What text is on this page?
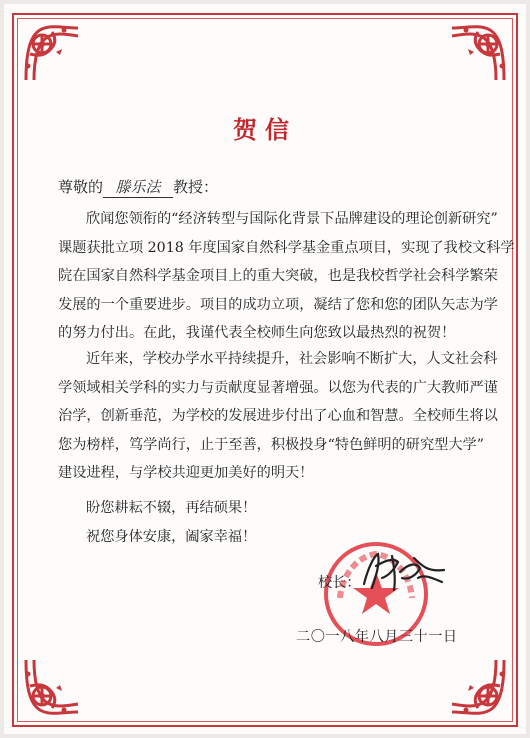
贺信
尊敬的 滕乐法 教授：
欣闻您领衔的“经济转型与国际化背景下品牌建设的理论创新研究”
课题获批立项 2018 年度国家自然科学基金重点项目，实现了我校文科学
院在国家自然科学基金项目上的重大突破，也是我校哲学社会科学繁荣
发展的一个重要进步。项目的成功立项，凝结了您和您的团队矢志为学
的努力付出。在此，我谨代表全校师生向您致以最热烈的祝贺！
近年来，学校办学水平持续提升，社会影响不断扩大，人文社会科
学领域相关学科的实力与贡献度显著增强。以您为代表的广大教师严谨
治学，创新垂范，为学校的发展进步付出了心血和智慧。全校师生将以
您为榜样，笃学尚行，止于至善，积极投身“特色鲜明的研究型大学”
建设进程，与学校共迎更加美好的明天！
盼您耕耘不辍，再结硕果！
祝您身体安康，阖家幸福！
校长：
二〇一八年八月三十一日
